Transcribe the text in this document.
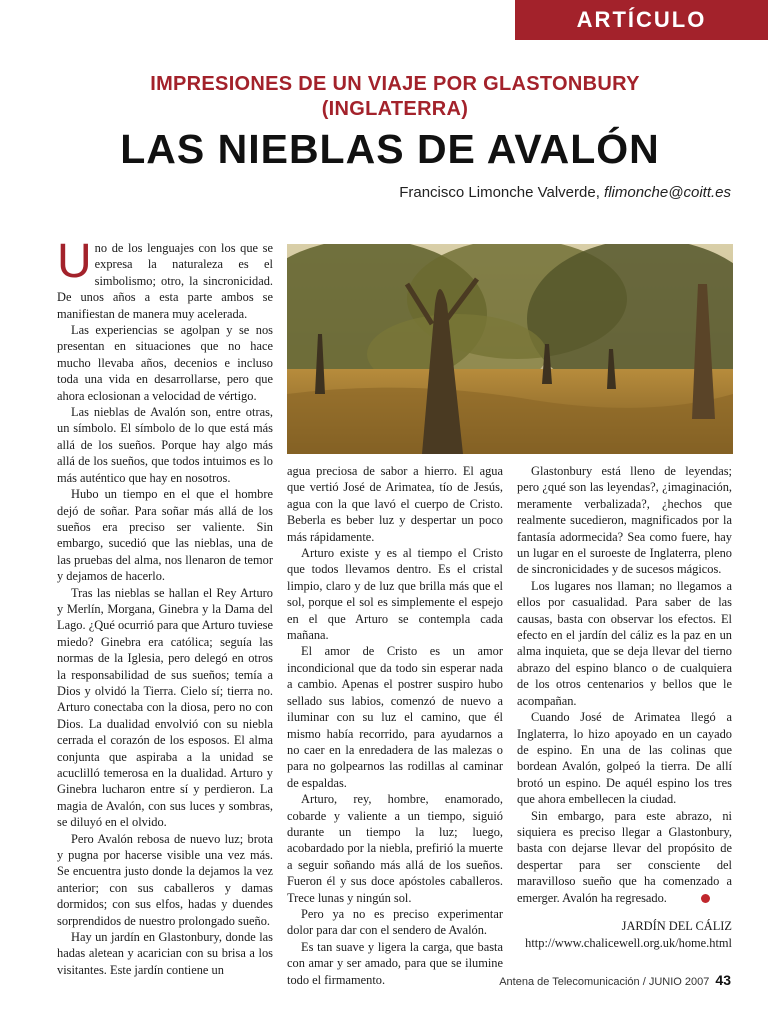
ARTÍCULO
IMPRESIONES DE UN VIAJE POR GLASTONBURY
(INGLATERRA)
LAS NIEBLAS DE AVALÓN
Francisco Limonche Valverde, flimonche@coitt.es

Uno de los lenguajes con los que se expresa la naturaleza es el simbolismo; otro, la sincronicidad. De unos años a esta parte ambos se manifiestan de manera muy acelerada.

Las experiencias se agolpan y se nos presentan en situaciones que no hace mucho llevaba años, decenios e incluso toda una vida en desarrollarse, pero que ahora eclosionan a velocidad de vértigo.

Las nieblas de Avalón son, entre otras, un símbolo. El símbolo de lo que está más allá de los sueños. Porque hay algo más allá de los sueños, que todos intuimos es lo más auténtico que hay en nosotros.

Hubo un tiempo en el que el hombre dejó de soñar. Para soñar más allá de los sueños era preciso ser valiente. Sin embargo, sucedió que las nieblas, una de las pruebas del alma, nos llenaron de temor y dejamos de hacerlo.

Tras las nieblas se hallan el Rey Arturo y Merlín, Morgana, Ginebra y la Dama del Lago. ¿Qué ocurrió para que Arturo tuviese miedo? Ginebra era católica; seguía las normas de la Iglesia, pero delegó en otros la responsabilidad de sus sueños; temía a Dios y olvidó la Tierra. Cielo sí; tierra no. Arturo conectaba con la diosa, pero no con Dios. La dualidad envolvió con su niebla cerrada el corazón de los esposos. El alma conjunta que aspiraba a la unidad se acuclilló temerosa en la dualidad. Arturo y Ginebra lucharon entre sí y perdieron. La magia de Avalón, con sus luces y sombras, se diluyó en el olvido.

Pero Avalón rebosa de nuevo luz; brota y pugna por hacerse visible una vez más. Se encuentra justo donde la dejamos la vez anterior; con sus caballeros y damas dormidos; con sus elfos, hadas y duendes sorprendidos de nuestro prolongado sueño.

Hay un jardín en Glastonbury, donde las hadas aletean y acarician con su brisa a los visitantes. Este jardín contiene un

agua preciosa de sabor a hierro. El agua que vertió José de Arimatea, tío de Jesús, agua con la que lavó el cuerpo de Cristo. Beberla es beber luz y despertar un poco más rápidamente.

Arturo existe y es al tiempo el Cristo que todos llevamos dentro. Es el cristal limpio, claro y de luz que brilla más que el sol, porque el sol es simplemente el espejo en el que Arturo se contempla cada mañana.

El amor de Cristo es un amor incondicional que da todo sin esperar nada a cambio. Apenas el postrer suspiro hubo sellado sus labios, comenzó de nuevo a iluminar con su luz el camino, que él mismo había recorrido, para ayudarnos a no caer en la enredadera de las malezas o para no golpearnos las rodillas al caminar de espaldas.

Arturo, rey, hombre, enamorado, cobarde y valiente a un tiempo, siguió durante un tiempo la luz; luego, acobardado por la niebla, prefirió la muerte a seguir soñando más allá de los sueños. Fueron él y sus doce apóstoles caballeros. Trece lunas y ningún sol.

Pero ya no es preciso experimentar dolor para dar con el sendero de Avalón.

Es tan suave y ligera la carga, que basta con amar y ser amado, para que se ilumine todo el firmamento.

Glastonbury está lleno de leyendas; pero ¿qué son las leyendas?, ¿imaginación, meramente verbalizada?, ¿hechos que realmente sucedieron, magnificados por la fantasía adormecida? Sea como fuere, hay un lugar en el suroeste de Inglaterra, pleno de sincronicidades y de sucesos mágicos.

Los lugares nos llaman; no llegamos a ellos por casualidad. Para saber de las causas, basta con observar los efectos. El efecto en el jardín del cáliz es la paz en un alma inquieta, que se deja llevar del tierno abrazo del espino blanco o de cualquiera de los otros centenarios y bellos que le acompañan.

Cuando José de Arimatea llegó a Inglaterra, lo hizo apoyado en un cayado de espino. En una de las colinas que bordean Avalón, golpeó la tierra. De allí brotó un espino. De aquél espino los tres que ahora embellecen la ciudad.

Sin embargo, para este abrazo, ni siquiera es preciso llegar a Glastonbury, basta con dejarse llevar del propósito de despertar para ser consciente del maravilloso sueño que ha comenzado a emerger. Avalón ha regresado.

JARDÍN DEL CÁLIZ
http://www.chalicewell.org.uk/home.html
Antena de Telecomunicación / JUNIO 2007 43
